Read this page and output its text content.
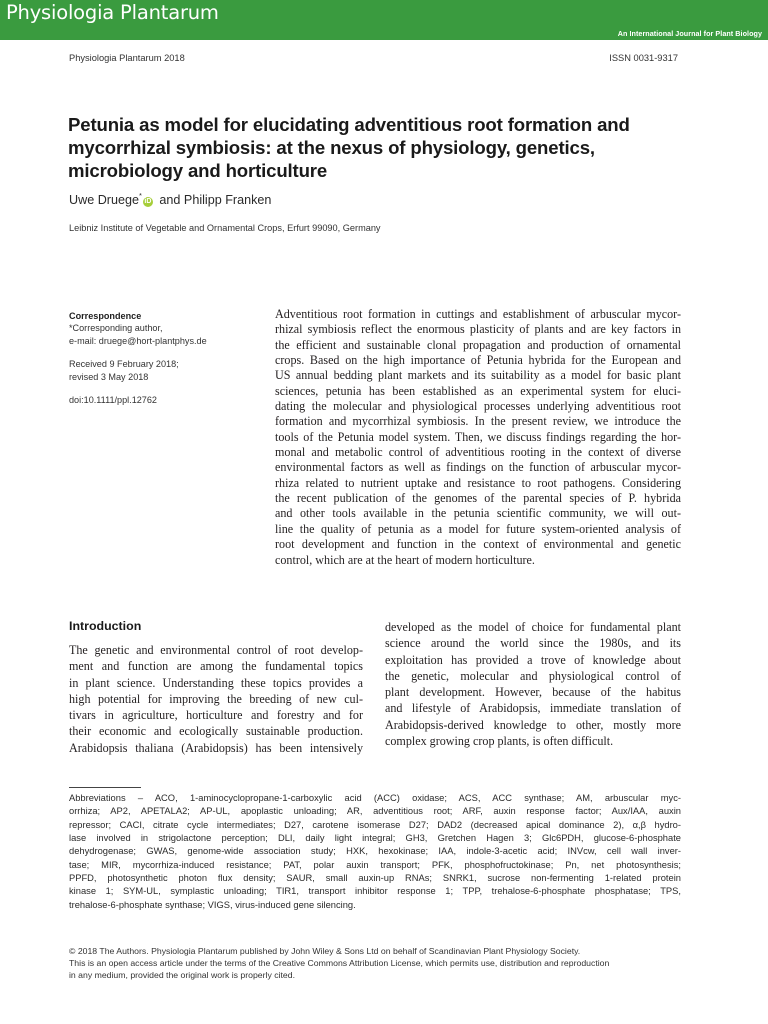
Physiologia Plantarum
An International Journal for Plant Biology
Physiologia Plantarum 2018	ISSN 0031-9317
Petunia as model for elucidating adventitious root formation and mycorrhizal symbiosis: at the nexus of physiology, genetics, microbiology and horticulture
Uwe Druege*iD and Philipp Franken
Leibniz Institute of Vegetable and Ornamental Crops, Erfurt 99090, Germany
Correspondence
*Corresponding author,
e-mail: druege@hort-plantphys.de
Received 9 February 2018;
revised 3 May 2018
doi:10.1111/ppl.12762
Adventitious root formation in cuttings and establishment of arbuscular mycor-
rhizal symbiosis reflect the enormous plasticity of plants and are key factors in
the efficient and sustainable clonal propagation and production of ornamental
crops. Based on the high importance of Petunia hybrida for the European and
US annual bedding plant markets and its suitability as a model for basic plant
sciences, petunia has been established as an experimental system for eluci-
dating the molecular and physiological processes underlying adventitious root
formation and mycorrhizal symbiosis. In the present review, we introduce the
tools of the Petunia model system. Then, we discuss findings regarding the hor-
monal and metabolic control of adventitious rooting in the context of diverse
environmental factors as well as findings on the function of arbuscular mycor-
rhiza related to nutrient uptake and resistance to root pathogens. Considering
the recent publication of the genomes of the parental species of P. hybrida
and other tools available in the petunia scientific community, we will out-
line the quality of petunia as a model for future system-oriented analysis of
root development and function in the context of environmental and genetic
control, which are at the heart of modern horticulture.
Introduction
The genetic and environmental control of root develop-
ment and function are among the fundamental topics
in plant science. Understanding these topics provides a
high potential for improving the breeding of new cul-
tivars in agriculture, horticulture and forestry and for
their economic and ecologically sustainable production.
Arabidopsis thaliana (Arabidopsis) has been intensively
developed as the model of choice for fundamental plant
science around the world since the 1980s, and its
exploitation has provided a trove of knowledge about
the genetic, molecular and physiological control of
plant development. However, because of the habitus
and lifestyle of Arabidopsis, immediate translation of
Arabidopsis-derived knowledge to other, mostly more
complex growing crop plants, is often difficult.
Abbreviations – ACO, 1-aminocyclopropane-1-carboxylic acid (ACC) oxidase; ACS, ACC synthase; AM, arbuscular myc-
orrhiza; AP2, APETALA2; AP-UL, apoplastic unloading; AR, adventitious root; ARF, auxin response factor; Aux/IAA, auxin
repressor; CACI, citrate cycle intermediates; D27, carotene isomerase D27; DAD2 (decreased apical dominance 2), α,β hydro-
lase involved in strigolactone perception; DLI, daily light integral; GH3, Gretchen Hagen 3; Glc6PDH, glucose-6-phosphate
dehydrogenase; GWAS, genome-wide association study; HXK, hexokinase; IAA, indole-3-acetic acid; INVcw, cell wall inver-
tase; MIR, mycorrhiza-induced resistance; PAT, polar auxin transport; PFK, phosphofructokinase; Pn, net photosynthesis;
PPFD, photosynthetic photon flux density; SAUR, small auxin-up RNAs; SNRK1, sucrose non-fermenting 1-related protein
kinase 1; SYM-UL, symplastic unloading; TIR1, transport inhibitor response 1; TPP, trehalose-6-phosphate phosphatase; TPS,
trehalose-6-phosphate synthase; VIGS, virus-induced gene silencing.
© 2018 The Authors. Physiologia Plantarum published by John Wiley & Sons Ltd on behalf of Scandinavian Plant Physiology Society.
This is an open access article under the terms of the Creative Commons Attribution License, which permits use, distribution and reproduction
in any medium, provided the original work is properly cited.
